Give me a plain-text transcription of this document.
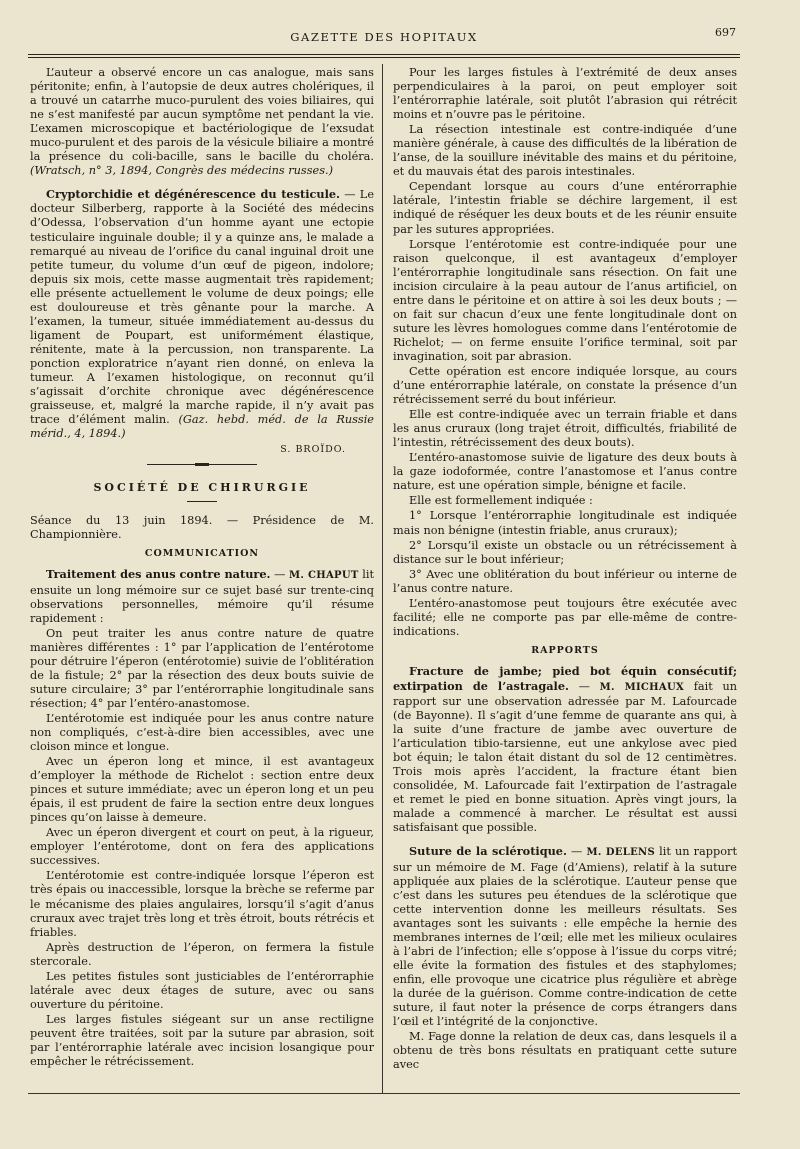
GAZETTE DES HOPITAUX	697

L’auteur a observé encore un cas analogue, mais sans péritonite; enfin, à l’autopsie de deux autres cholériques, il a trouvé un catarrhe muco-purulent des voies biliaires, qui ne s’est manifesté par aucun symptôme net pendant la vie. L’examen microscopique et bactériologique de l’exsudat muco-purulent et des parois de la vésicule biliaire a montré la présence du coli-bacille, sans le bacille du choléra. (Wratsch, n° 3, 1894, Congrès des médecins russes.)

Cryptorchidie et dégénérescence du testicule. — Le docteur Silberberg, rapporte à la Société des médecins d’Odessa, l’observation d’un homme ayant une ectopie testiculaire inguinale double; il y a quinze ans, le malade a remarqué au niveau de l’orifice du canal inguinal droit une petite tumeur, du volume d’un œuf de pigeon, indolore; depuis six mois, cette masse augmentait très rapidement; elle présente actuellement le volume de deux poings; elle est douloureuse et très gênante pour la marche. A l’examen, la tumeur, située immédiatement au-dessus du ligament de Poupart, est uniformément élastique, rénitente, mate à la percussion, non transparente. La ponction exploratrice n’ayant rien donné, on enleva la tumeur. A l’examen histologique, on reconnut qu’il s’agissait d’orchite chronique avec dégénérescence graisseuse, et, malgré la marche rapide, il n’y avait pas trace d’élément malin. (Gaz. hebd. méd. de la Russie mérid., 4, 1894.)

S. BROÏDO.
SOCIÉTÉ DE CHIRURGIE

Séance du 13 juin 1894. — Présidence de M. Championnière.

COMMUNICATION

Traitement des anus contre nature. — M. CHAPUT lit ensuite un long mémoire sur ce sujet basé sur trente-cinq observations personnelles, mémoire qu’il résume rapidement :

On peut traiter les anus contre nature de quatre manières différentes : 1° par l’application de l’entérotome pour détruire l’éperon (entérotomie) suivie de l’oblitération de la fistule; 2° par la résection des deux bouts suivie de suture circulaire; 3° par l’entérorraphie longitudinale sans résection; 4° par l’entéro-anastomose.

L’entérotomie est indiquée pour les anus contre nature non compliqués, c’est-à-dire bien accessibles, avec une cloison mince et longue.

Avec un éperon long et mince, il est avantageux d’employer la méthode de Richelot : section entre deux pinces et suture immédiate; avec un éperon long et un peu épais, il est prudent de faire la section entre deux longues pinces qu’on laisse à demeure.

Avec un éperon divergent et court on peut, à la rigueur, employer l’entérotome, dont on fera des applications successives.

L’entérotomie est contre-indiquée lorsque l’éperon est très épais ou inaccessible, lorsque la brèche se referme par le mécanisme des plaies angulaires, lorsqu’il s’agit d’anus cruraux avec trajet très long et très étroit, bouts rétrécis et friables.

Après destruction de l’éperon, on fermera la fistule stercorale.

Les petites fistules sont justiciables de l’entérorraphie latérale avec deux étages de suture, avec ou sans ouverture du péritoine.

Les larges fistules siégeant sur un anse rectiligne peuvent être traitées, soit par la suture par abrasion, soit par l’entérorraphie latérale avec incision losangique pour empêcher le rétrécissement.

Pour les larges fistules à l’extrémité de deux anses perpendiculaires à la paroi, on peut employer soit l’entérorraphie latérale, soit plutôt l’abrasion qui rétrécit moins et n’ouvre pas le péritoine.

La résection intestinale est contre-indiquée d’une manière générale, à cause des difficultés de la libération de l’anse, de la souillure inévitable des mains et du péritoine, et du mauvais état des parois intestinales.

Cependant lorsque au cours d’une entérorraphie latérale, l’intestin friable se déchire largement, il est indiqué de réséquer les deux bouts et de les réunir ensuite par les sutures appropriées.

Lorsque l’entérotomie est contre-indiquée pour une raison quelconque, il est avantageux d’employer l’entérorraphie longitudinale sans résection. On fait une incision circulaire à la peau autour de l’anus artificiel, on entre dans le péritoine et on attire à soi les deux bouts ; — on fait sur chacun d’eux une fente longitudinale dont on suture les lèvres homologues comme dans l’entérotomie de Richelot; — on ferme ensuite l’orifice terminal, soit par invagination, soit par abrasion.

Cette opération est encore indiquée lorsque, au cours d’une entérorraphie latérale, on constate la présence d’un rétrécissement serré du bout inférieur.

Elle est contre-indiquée avec un terrain friable et dans les anus cruraux (long trajet étroit, difficultés, friabilité de l’intestin, rétrécissement des deux bouts).

L’entéro-anastomose suivie de ligature des deux bouts à la gaze iodoformée, contre l’anastomose et l’anus contre nature, est une opération simple, bénigne et facile.

Elle est formellement indiquée :

1° Lorsque l’entérorraphie longitudinale est indiquée mais non bénigne (intestin friable, anus cruraux);

2° Lorsqu’il existe un obstacle ou un rétrécissement à distance sur le bout inférieur;

3° Avec une oblitération du bout inférieur ou interne de l’anus contre nature.

L’entéro-anastomose peut toujours être exécutée avec facilité; elle ne comporte pas par elle-même de contre-indications.

RAPPORTS

Fracture de jambe; pied bot équin consécutif; extirpation de l’astragale. — M. MICHAUX fait un rapport sur une observation adressée par M. Lafourcade (de Bayonne). Il s’agit d’une femme de quarante ans qui, à la suite d’une fracture de jambe avec ouverture de l’articulation tibio-tarsienne, eut une ankylose avec pied bot équin; le talon était distant du sol de 12 centimètres. Trois mois après l’accident, la fracture étant bien consolidée, M. Lafourcade fait l’extirpation de l’astragale et remet le pied en bonne situation. Après vingt jours, la malade a commencé à marcher. Le résultat est aussi satisfaisant que possible.

Suture de la sclérotique. — M. DELENS lit un rapport sur un mémoire de M. Fage (d’Amiens), relatif à la suture appliquée aux plaies de la sclérotique. L’auteur pense que c’est dans les sutures peu étendues de la sclérotique que cette intervention donne les meilleurs résultats. Ses avantages sont les suivants : elle empêche la hernie des membranes internes de l’œil; elle met les milieux oculaires à l’abri de l’infection; elle s’oppose à l’issue du corps vitré; elle évite la formation des fistules et des staphylomes; enfin, elle provoque une cicatrice plus régulière et abrège la durée de la guérison. Comme contre-indication de cette suture, il faut noter la présence de corps étrangers dans l’œil et l’intégrité de la conjonctive.

M. Fage donne la relation de deux cas, dans lesquels il a obtenu de très bons résultats en pratiquant cette suture avec
